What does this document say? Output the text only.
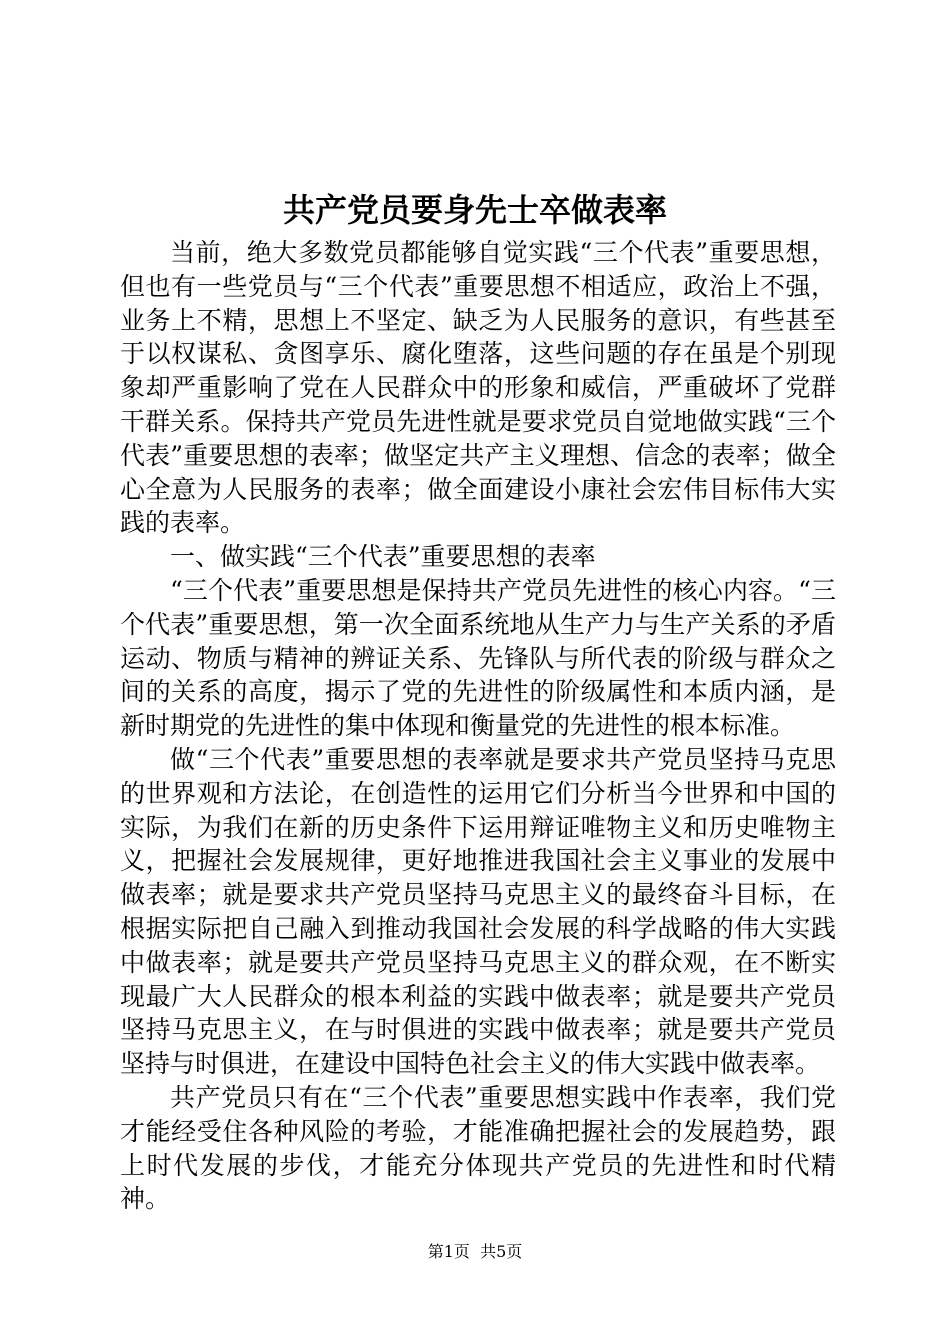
共产党员要身先士卒做表率

当前，绝大多数党员都能够自觉实践“三个代表”重要思想，但也有一些党员与“三个代表”重要思想不相适应，政治上不强，业务上不精，思想上不坚定、缺乏为人民服务的意识，有些甚至于以权谋私、贪图享乐、腐化堕落，这些问题的存在虽是个别现象却严重影响了党在人民群众中的形象和威信，严重破坏了党群干群关系。保持共产党员先进性就是要求党员自觉地做实践“三个代表”重要思想的表率；做坚定共产主义理想、信念的表率；做全心全意为人民服务的表率；做全面建设小康社会宏伟目标伟大实践的表率。

一、做实践“三个代表”重要思想的表率

“三个代表”重要思想是保持共产党员先进性的核心内容。“三个代表”重要思想，第一次全面系统地从生产力与生产关系的矛盾运动、物质与精神的辨证关系、先锋队与所代表的阶级与群众之间的关系的高度，揭示了党的先进性的阶级属性和本质内涵，是新时期党的先进性的集中体现和衡量党的先进性的根本标准。

做“三个代表”重要思想的表率就是要求共产党员坚持马克思的世界观和方法论，在创造性的运用它们分析当今世界和中国的实际，为我们在新的历史条件下运用辩证唯物主义和历史唯物主义，把握社会发展规律，更好地推进我国社会主义事业的发展中做表率；就是要求共产党员坚持马克思主义的最终奋斗目标，在根据实际把自己融入到推动我国社会发展的科学战略的伟大实践中做表率；就是要共产党员坚持马克思主义的群众观，在不断实现最广大人民群众的根本利益的实践中做表率；就是要共产党员坚持马克思主义，在与时俱进的实践中做表率；就是要共产党员坚持与时俱进，在建设中国特色社会主义的伟大实践中做表率。

共产党员只有在“三个代表”重要思想实践中作表率，我们党才能经受住各种风险的考验，才能准确把握社会的发展趋势，跟上时代发展的步伐，才能充分体现共产党员的先进性和时代精神。

第1页 共5页
